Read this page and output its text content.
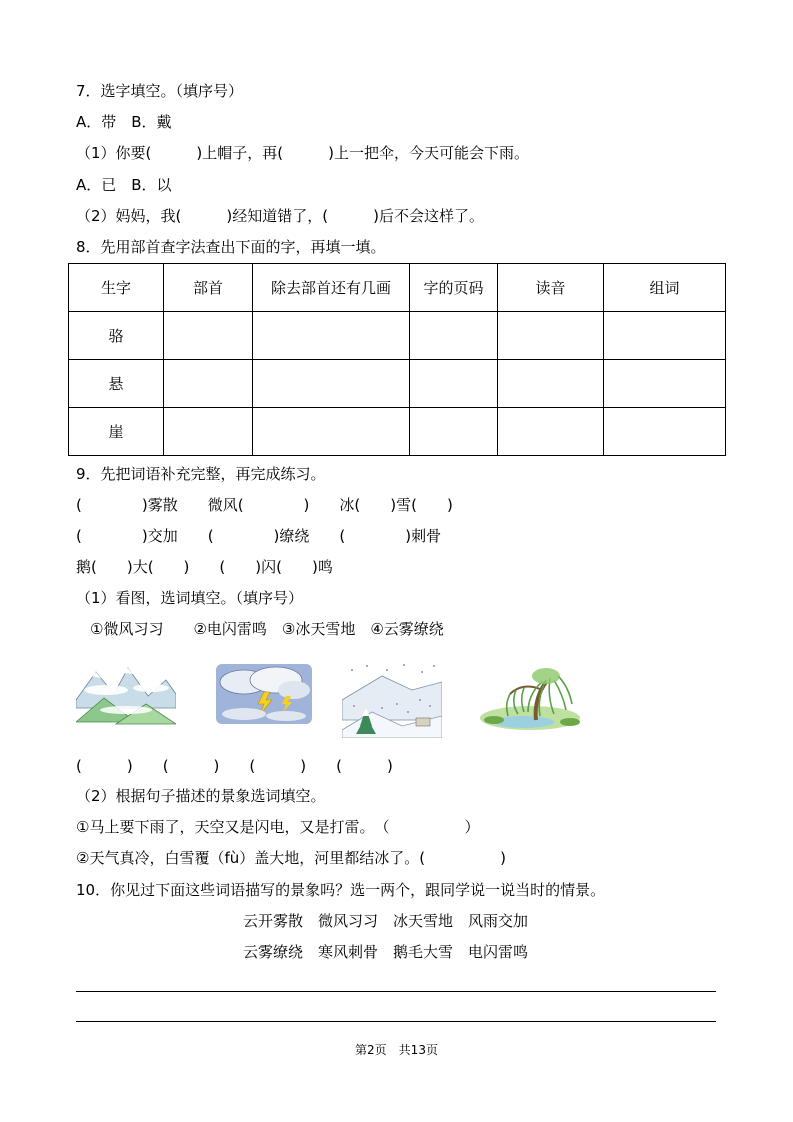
7．选字填空。（填序号）
A．带　B．戴
（1）你要(　　　)上帽子，再(　　　)上一把伞，今天可能会下雨。
A．已　B．以
（2）妈妈，我(　　　)经知道错了，(　　　)后不会这样了。
8．先用部首查字法查出下面的字，再填一填。
生字	部首	除去部首还有几画	字的页码	读音	组词
骆					
悬					
崖					
9．先把词语补充完整，再完成练习。
(　　　　)雾散　　微风(　　　　)　　冰(　　)雪(　　)
(　　　　)交加　　(　　　　)缭绕　　(　　　　)刺骨
鹅(　　)大(　　)　　(　　)闪(　　)鸣
（1）看图，选词填空。（填序号）
①微风习习　　②电闪雷鸣　③冰天雪地　④云雾缭绕
(　　　)　　(　　　)　　(　　　)　　(　　　)
（2）根据句子描述的景象选词填空。
①马上要下雨了，天空又是闪电，又是打雷。　（　　　　　）
②天气真冷，白雪覆（fù）盖大地，河里都结冰了。(　　　　　)
10．你见过下面这些词语描写的景象吗？选一两个，跟同学说一说当时的情景。
云开雾散　微风习习　冰天雪地　风雨交加
云雾缭绕　寒风刺骨　鹅毛大雪　电闪雷鸣
第2页　共13页
